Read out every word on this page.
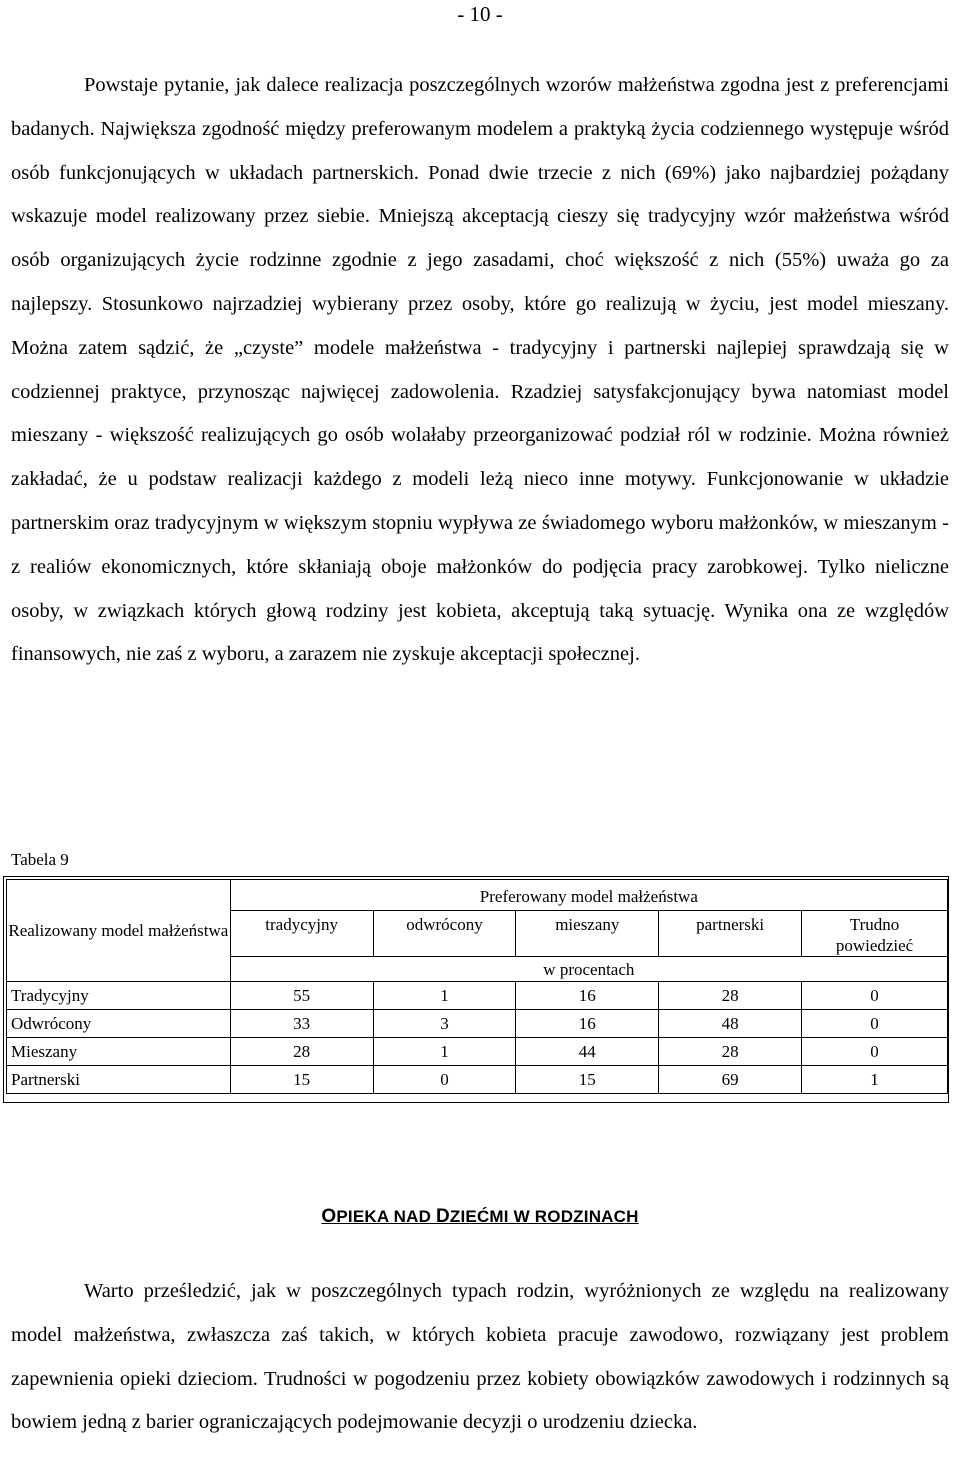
- 10 -

Powstaje pytanie, jak dalece realizacja poszczególnych wzorów małżeństwa zgodna jest z preferencjami badanych. Największa zgodność między preferowanym modelem a praktyką życia codziennego występuje wśród osób funkcjonujących w układach partnerskich. Ponad dwie trzecie z nich (69%) jako najbardziej pożądany wskazuje model realizowany przez siebie. Mniejszą akceptacją cieszy się tradycyjny wzór małżeństwa wśród osób organizujących życie rodzinne zgodnie z jego zasadami, choć większość z nich (55%) uważa go za najlepszy. Stosunkowo najrzadziej wybierany przez osoby, które go realizują w życiu, jest model mieszany. Można zatem sądzić, że „czyste” modele małżeństwa - tradycyjny i partnerski najlepiej sprawdzają się w codziennej praktyce, przynosząc najwięcej zadowolenia. Rzadziej satysfakcjonujący bywa natomiast model mieszany - większość realizujących go osób wolałaby przeorganizować podział ról w rodzinie. Można również zakładać, że u podstaw realizacji każdego z modeli leżą nieco inne motywy. Funkcjonowanie w układzie partnerskim oraz tradycyjnym w większym stopniu wypływa ze świadomego wyboru małżonków, w mieszanym - z realiów ekonomicznych, które skłaniają oboje małżonków do podjęcia pracy zarobkowej. Tylko nieliczne osoby, w związkach których głową rodziny jest kobieta, akceptują taką sytuację. Wynika ona ze względów finansowych, nie zaś z wyboru, a zarazem nie zyskuje akceptacji społecznej.

Tabela 9
Realizowany model małżeństwa	Preferowany model małżeństwa				
	tradycyjny	odwrócony	mieszany	partnerski	Trudno powiedzieć
	w procentach				
Tradycyjny	55	1	16	28	0
Odwrócony	33	3	16	48	0
Mieszany	28	1	44	28	0
Partnerski	15	0	15	69	1
OPIEKA NAD DZIEĆMI W RODZINACH

Warto prześledzić, jak w poszczególnych typach rodzin, wyróżnionych ze względu na realizowany model małżeństwa, zwłaszcza zaś takich, w których kobieta pracuje zawodowo, rozwiązany jest problem zapewnienia opieki dzieciom. Trudności w pogodzeniu przez kobiety obowiązków zawodowych i rodzinnych są bowiem jedną z barier ograniczających podejmowanie decyzji o urodzeniu dziecka.
